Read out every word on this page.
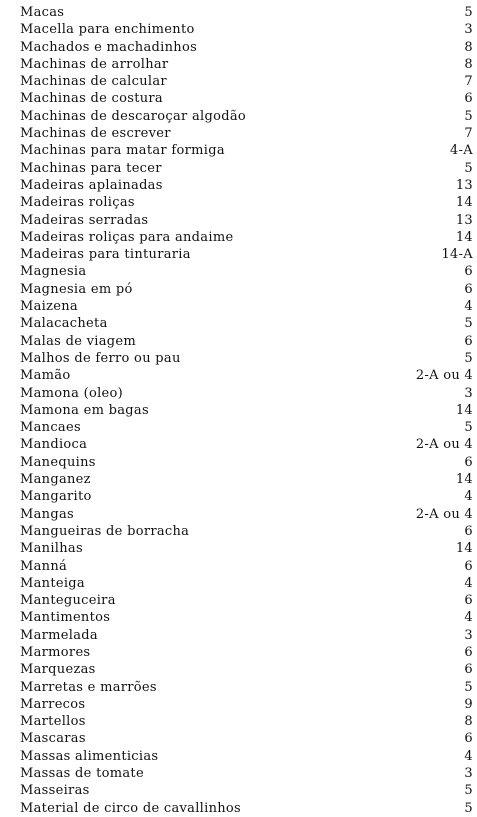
Macas	5
Macella para enchimento	3
Machados e machadinhos	8
Machinas de arrolhar	8
Machinas de calcular	7
Machinas de costura	6
Machinas de descaroçar algodão	5
Machinas de escrever	7
Machinas para matar formiga	4-A
Machinas para tecer	5
Madeiras aplainadas	13
Madeiras roliças	14
Madeiras serradas	13
Madeiras roliças para andaime	14
Madeiras para tinturaria	14-A
Magnesia	6
Magnesia em pó	6
Maizena	4
Malacacheta	5
Malas de viagem	6
Malhos de ferro ou pau	5
Mamão	2-A ou 4
Mamona (oleo)	3
Mamona em bagas	14
Mancaes	5
Mandioca	2-A ou 4
Manequins	6
Manganez	14
Mangarito	4
Mangas	2-A ou 4
Mangueiras de borracha	6
Manilhas	14
Manná	6
Manteiga	4
Manteguceira	6
Mantimentos	4
Marmelada	3
Marmores	6
Marquezas	6
Marretas e marrões	5
Marrecos	9
Martellos	8
Mascaras	6
Massas alimenticias	4
Massas de tomate	3
Masseiras	5
Material de circo de cavallinhos	5
